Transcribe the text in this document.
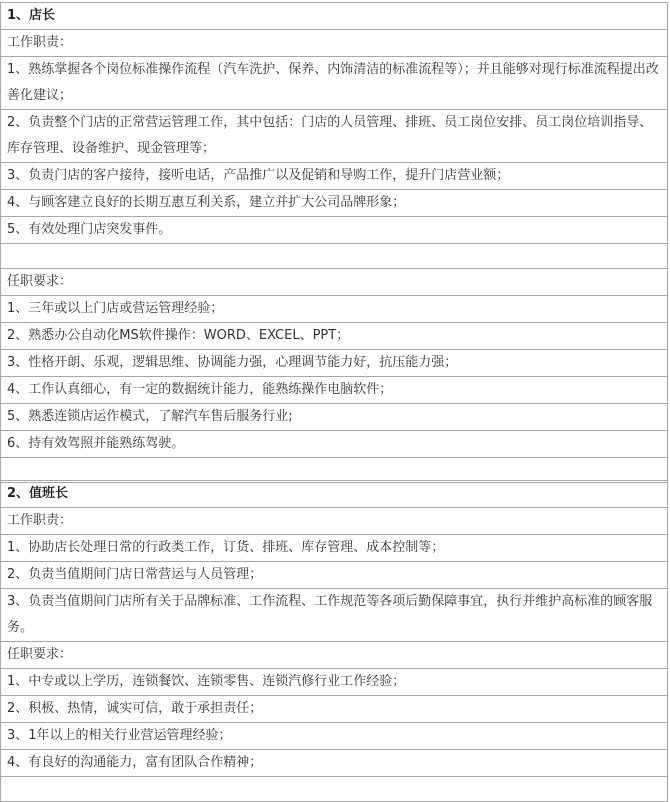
1、店长
工作职责：
1、熟练掌握各个岗位标准操作流程（汽车洗护、保养、内饰清洁的标准流程等）；并且能够对现行标准流程提出改善化建议；
2、负责整个门店的正常营运管理工作，其中包括：门店的人员管理、排班、员工岗位安排、员工岗位培训指导、库存管理、设备维护、现金管理等；
3、负责门店的客户接待，接听电话，产品推广以及促销和导购工作，提升门店营业额；
4、与顾客建立良好的长期互惠互利关系，建立并扩大公司品牌形象；
5、有效处理门店突发事件。

任职要求：
1、三年或以上门店或营运管理经验；
2、熟悉办公自动化MS软件操作：WORD、EXCEL、PPT；
3、性格开朗、乐观，逻辑思维、协调能力强，心理调节能力好，抗压能力强；
4、工作认真细心，有一定的数据统计能力，能熟练操作电脑软件；
5、熟悉连锁店运作模式，了解汽车售后服务行业;
6、持有效驾照并能熟练驾驶。

2、值班长
工作职责：
1、协助店长处理日常的行政类工作，订货、排班、库存管理、成本控制等；
2、负责当值期间门店日常营运与人员管理；
3、负责当值期间门店所有关于品牌标准、工作流程、工作规范等各项后勤保障事宜，执行并维护高标准的顾客服务。
任职要求：
1、中专或以上学历，连锁餐饮、连锁零售、连锁汽修行业工作经验；
2、积极、热情，诚实可信，敢于承担责任；
3、1年以上的相关行业营运管理经验；
4、有良好的沟通能力，富有团队合作精神；
